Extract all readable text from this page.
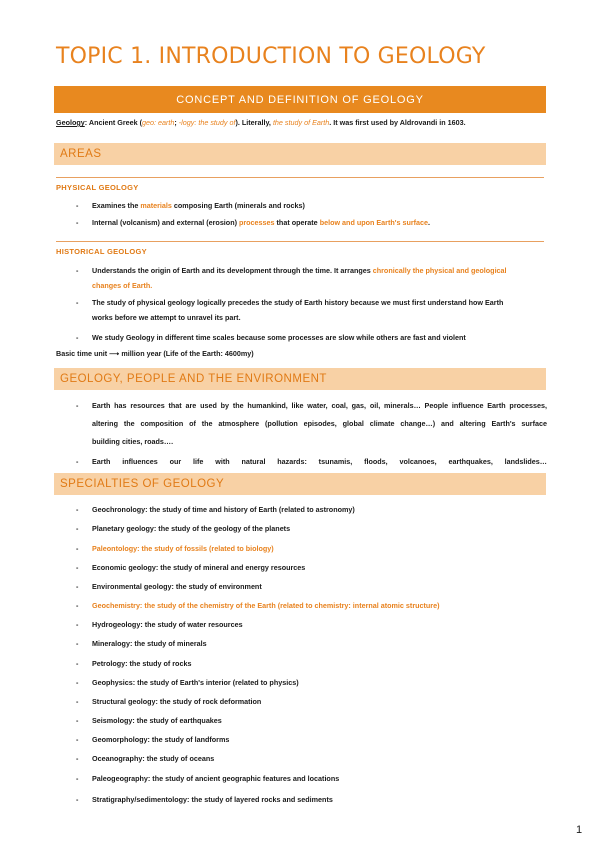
TOPIC 1. INTRODUCTION TO GEOLOGY
CONCEPT AND DEFINITION OF GEOLOGY
Geology: Ancient Greek (geo: earth; -logy: the study of). Literally, the study of Earth. It was first used by Aldrovandi in 1603.
AREAS
PHYSICAL GEOLOGY
- Examines the materials composing Earth (minerals and rocks)
- Internal (volcanism) and external (erosion) processes that operate below and upon Earth's surface.
HISTORICAL GEOLOGY
- Understands the origin of Earth and its development through the time. It arranges chronically the physical and geological
changes of Earth.
- The study of physical geology logically precedes the study of Earth history because we must first understand how Earth
works before we attempt to unravel its part.
- We study Geology in different time scales because some processes are slow while others are fast and violent
Basic time unit ⟶ million year (Life of the Earth: 4600my)
GEOLOGY, PEOPLE AND THE ENVIRONMENT
- Earth has resources that are used by the humankind, like water, coal, gas, oil, minerals… People influence Earth processes,
altering the composition of the atmosphere (pollution episodes, global climate change…) and altering Earth's surface
building cities, roads….
- Earth influences our life with natural hazards: tsunamis, floods, volcanoes, earthquakes, landslides…
SPECIALTIES OF GEOLOGY
- Geochronology: the study of time and history of Earth (related to astronomy)
- Planetary geology: the study of the geology of the planets
- Paleontology: the study of fossils (related to biology)
- Economic geology: the study of mineral and energy resources
- Environmental geology: the study of environment
- Geochemistry: the study of the chemistry of the Earth (related to chemistry: internal atomic structure)
- Hydrogeology: the study of water resources
- Mineralogy: the study of minerals
- Petrology: the study of rocks
- Geophysics: the study of Earth's interior (related to physics)
- Structural geology: the study of rock deformation
- Seismology: the study of earthquakes
- Geomorphology: the study of landforms
- Oceanography: the study of oceans
- Paleogeography: the study of ancient geographic features and locations
- Stratigraphy/sedimentology: the study of layered rocks and sediments
1
